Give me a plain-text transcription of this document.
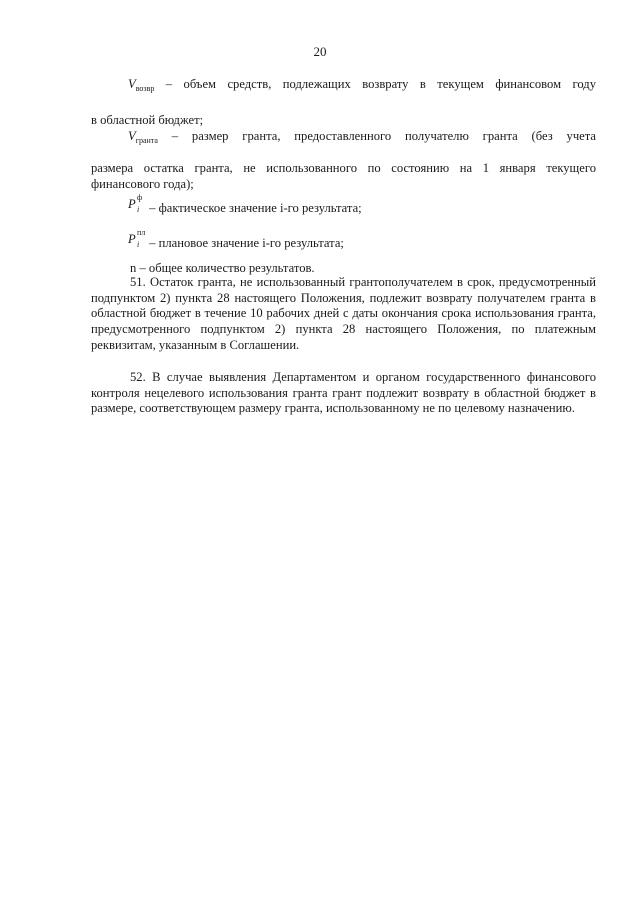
20
$V_{возвр}$ – объем средств, подлежащих возврату в текущем финансовом году
в областной бюджет;
$V_{гранта}$ – размер гранта, предоставленного получателю гранта (без учета
размера остатка гранта, не использованного по состоянию на 1 января текущего
финансового года);
P ф
i – фактическое значение i-го результата;
P пл
i – плановое значение i-го результата;
n – общее количество результатов.
51. Остаток гранта, не использованный грантополучателем в срок, предусмотренный подпунктом 2) пункта 28 настоящего Положения, подлежит возврату получателем гранта в областной бюджет в течение 10 рабочих дней с даты окончания срока использования гранта, предусмотренного подпунктом 2) пункта 28 настоящего Положения, по платежным реквизитам, указанным в Соглашении.
52. В случае выявления Департаментом и органом государственного финансового контроля нецелевого использования гранта грант подлежит возврату в областной бюджет в размере, соответствующем размеру гранта, использованному не по целевому назначению.
